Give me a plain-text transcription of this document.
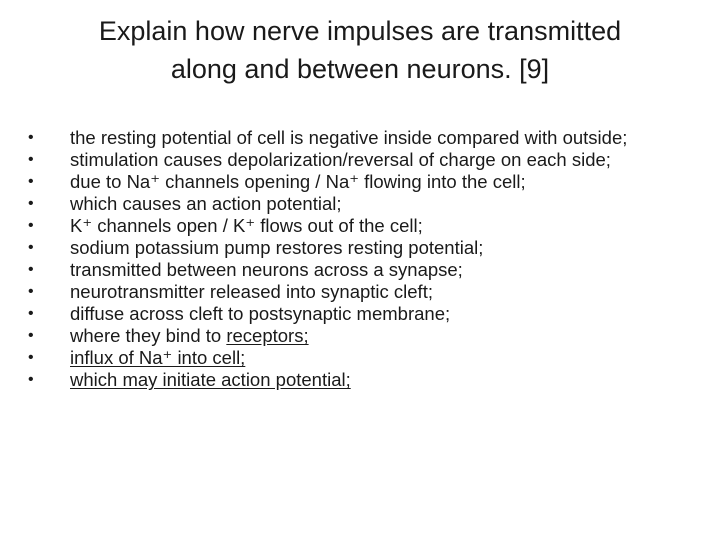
Explain how nerve impulses are transmitted
along and between neurons. [9]
• the resting potential of cell is negative inside compared with outside;
• stimulation causes depolarization/reversal of charge on each side;
• due to Na⁺ channels opening / Na⁺ flowing into the cell;
• which causes an action potential;
• K⁺ channels open / K⁺ flows out of the cell;
• sodium potassium pump restores resting potential;
• transmitted between neurons across a synapse;
• neurotransmitter released into synaptic cleft;
• diffuse across cleft to postsynaptic membrane;
• where they bind to receptors;
• influx of Na⁺ into cell;
• which may initiate action potential;
